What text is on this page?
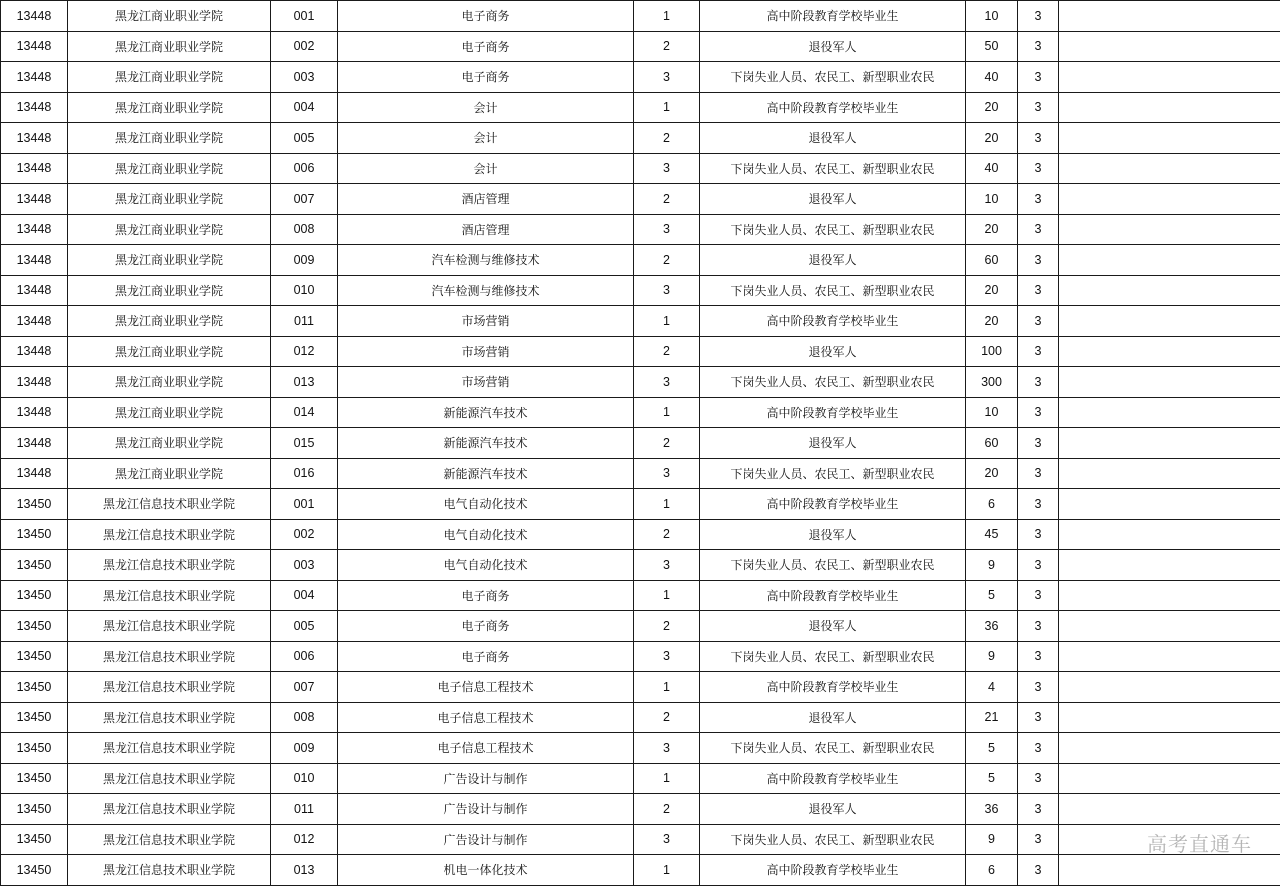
13448	黑龙江商业职业学院	001	电子商务	1	高中阶段教育学校毕业生	10	3	
13448	黑龙江商业职业学院	002	电子商务	2	退役军人	50	3	
13448	黑龙江商业职业学院	003	电子商务	3	下岗失业人员、农民工、新型职业农民	40	3	
13448	黑龙江商业职业学院	004	会计	1	高中阶段教育学校毕业生	20	3	
13448	黑龙江商业职业学院	005	会计	2	退役军人	20	3	
13448	黑龙江商业职业学院	006	会计	3	下岗失业人员、农民工、新型职业农民	40	3	
13448	黑龙江商业职业学院	007	酒店管理	2	退役军人	10	3	
13448	黑龙江商业职业学院	008	酒店管理	3	下岗失业人员、农民工、新型职业农民	20	3	
13448	黑龙江商业职业学院	009	汽车检测与维修技术	2	退役军人	60	3	
13448	黑龙江商业职业学院	010	汽车检测与维修技术	3	下岗失业人员、农民工、新型职业农民	20	3	
13448	黑龙江商业职业学院	011	市场营销	1	高中阶段教育学校毕业生	20	3	
13448	黑龙江商业职业学院	012	市场营销	2	退役军人	100	3	
13448	黑龙江商业职业学院	013	市场营销	3	下岗失业人员、农民工、新型职业农民	300	3	
13448	黑龙江商业职业学院	014	新能源汽车技术	1	高中阶段教育学校毕业生	10	3	
13448	黑龙江商业职业学院	015	新能源汽车技术	2	退役军人	60	3	
13448	黑龙江商业职业学院	016	新能源汽车技术	3	下岗失业人员、农民工、新型职业农民	20	3	
13450	黑龙江信息技术职业学院	001	电气自动化技术	1	高中阶段教育学校毕业生	6	3	
13450	黑龙江信息技术职业学院	002	电气自动化技术	2	退役军人	45	3	
13450	黑龙江信息技术职业学院	003	电气自动化技术	3	下岗失业人员、农民工、新型职业农民	9	3	
13450	黑龙江信息技术职业学院	004	电子商务	1	高中阶段教育学校毕业生	5	3	
13450	黑龙江信息技术职业学院	005	电子商务	2	退役军人	36	3	
13450	黑龙江信息技术职业学院	006	电子商务	3	下岗失业人员、农民工、新型职业农民	9	3	
13450	黑龙江信息技术职业学院	007	电子信息工程技术	1	高中阶段教育学校毕业生	4	3	
13450	黑龙江信息技术职业学院	008	电子信息工程技术	2	退役军人	21	3	
13450	黑龙江信息技术职业学院	009	电子信息工程技术	3	下岗失业人员、农民工、新型职业农民	5	3	
13450	黑龙江信息技术职业学院	010	广告设计与制作	1	高中阶段教育学校毕业生	5	3	
13450	黑龙江信息技术职业学院	011	广告设计与制作	2	退役军人	36	3	
13450	黑龙江信息技术职业学院	012	广告设计与制作	3	下岗失业人员、农民工、新型职业农民	9	3	
13450	黑龙江信息技术职业学院	013	机电一体化技术	1	高中阶段教育学校毕业生	6	3	
高考直通车
